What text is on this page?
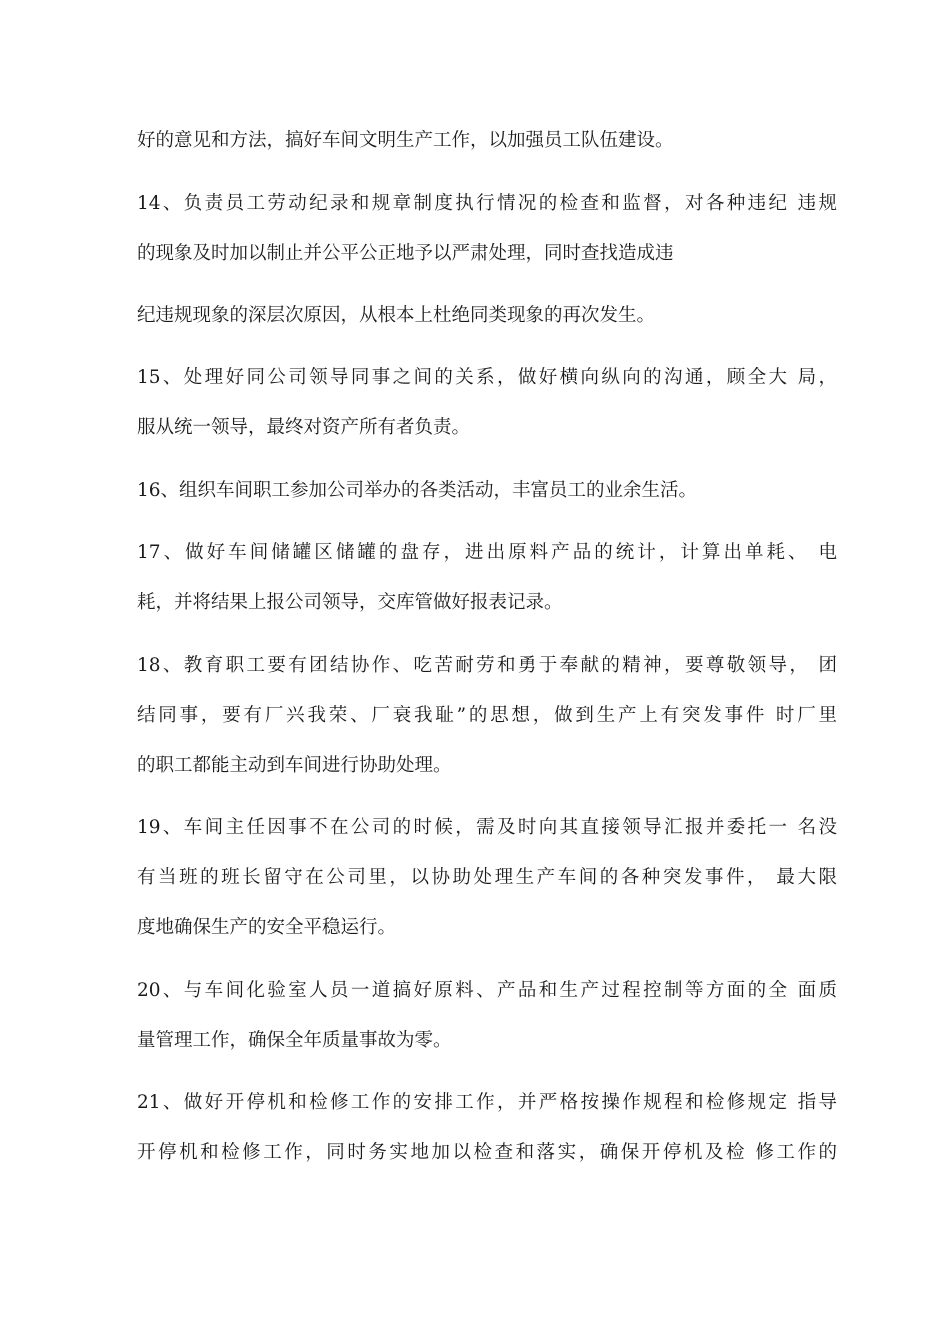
好的意见和方法，搞好车间文明生产工作，以加强员工队伍建设。
14、负责员工劳动纪录和规章制度执行情况的检查和监督，对各种违纪 违规
的现象及时加以制止并公平公正地予以严肃处理，同时查找造成违
纪违规现象的深层次原因，从根本上杜绝同类现象的再次发生。
15、处理好同公司领导同事之间的关系，做好横向纵向的沟通，顾全大 局，
服从统一领导，最终对资产所有者负责。
16、组织车间职工参加公司举办的各类活动，丰富员工的业余生活。
17、做好车间储罐区储罐的盘存，进出原料产品的统计，计算出单耗、 电
耗，并将结果上报公司领导，交库管做好报表记录。
18、教育职工要有团结协作、吃苦耐劳和勇于奉献的精神，要尊敬领导， 团
结同事，要有厂兴我荣、厂衰我耻”的思想，做到生产上有突发事件 时厂里
的职工都能主动到车间进行协助处理。
19、车间主任因事不在公司的时候，需及时向其直接领导汇报并委托一 名没
有当班的班长留守在公司里，以协助处理生产车间的各种突发事件， 最大限
度地确保生产的安全平稳运行。
20、与车间化验室人员一道搞好原料、产品和生产过程控制等方面的全 面质
量管理工作，确保全年质量事故为零。
21、做好开停机和检修工作的安排工作，并严格按操作规程和检修规定 指导
开停机和检修工作，同时务实地加以检查和落实，确保开停机及检 修工作的
